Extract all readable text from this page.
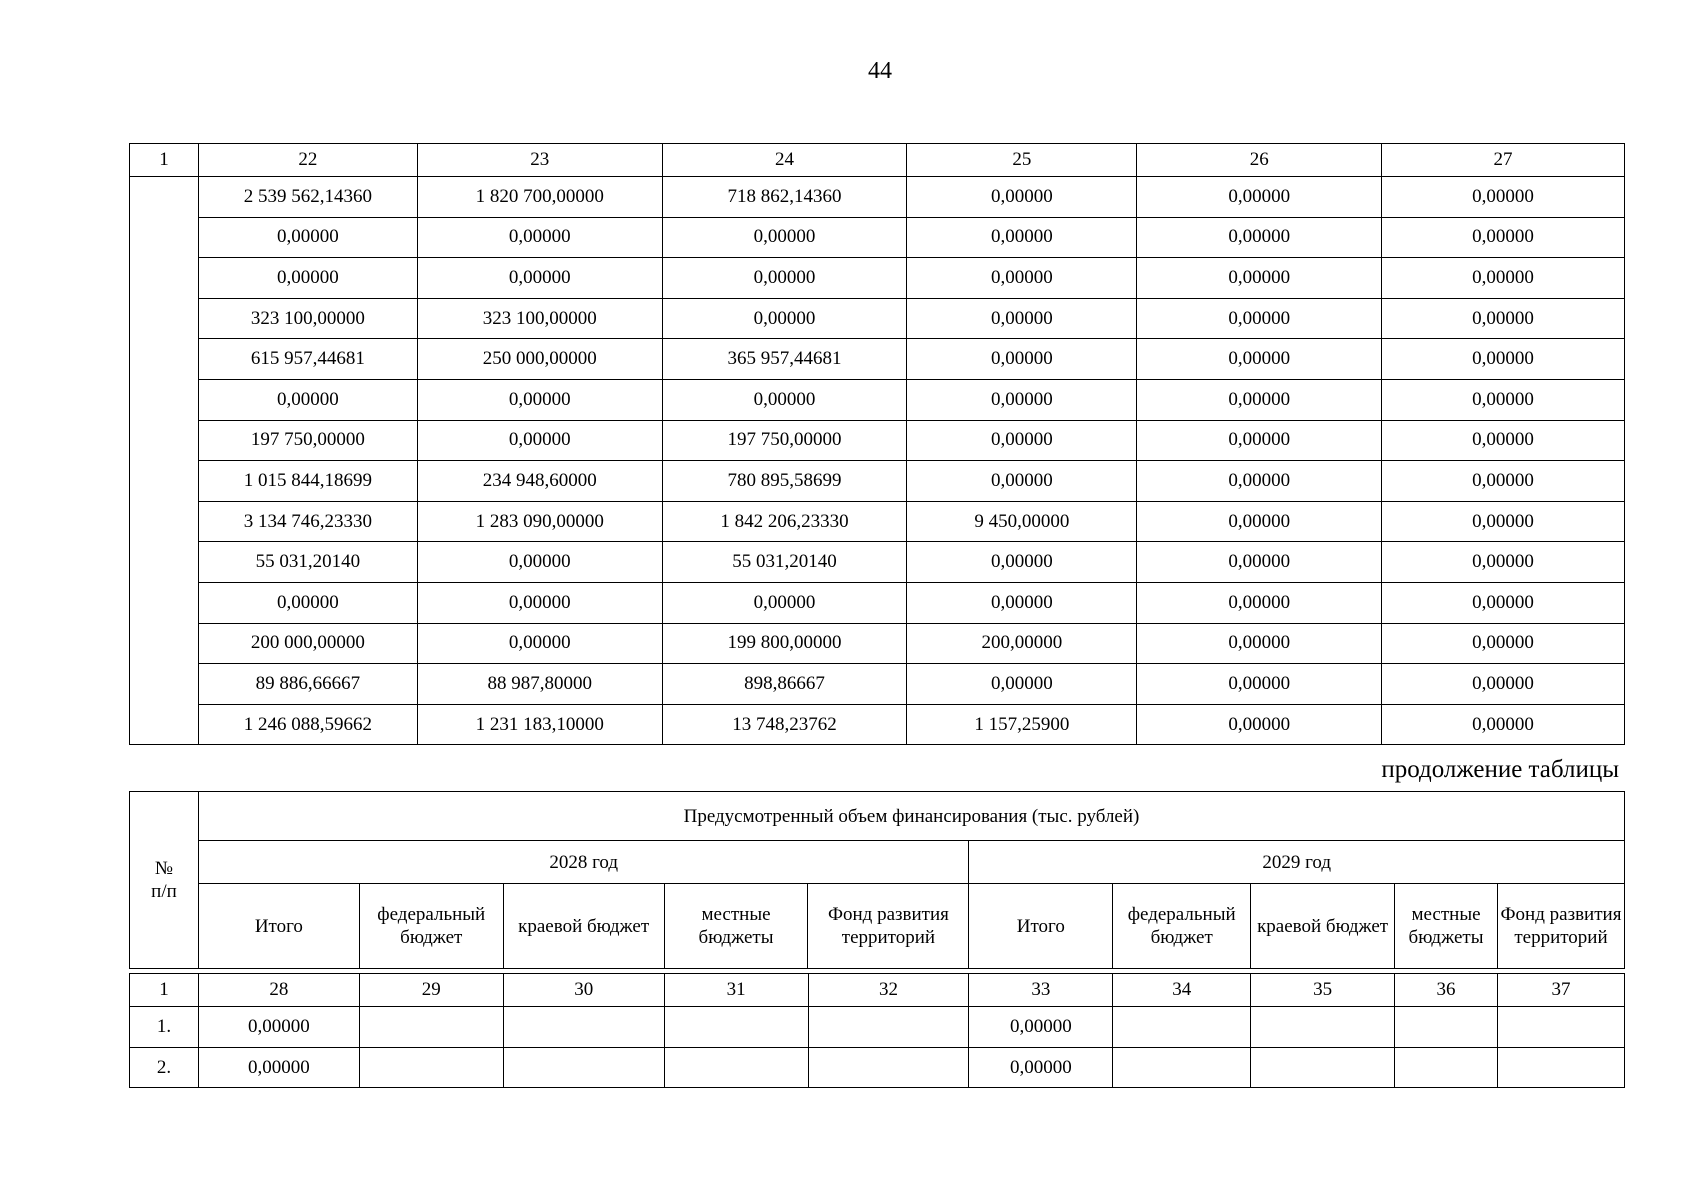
44
1	22	23	24	25	26	27
	2 539 562,14360	1 820 700,00000	718 862,14360	0,00000	0,00000	0,00000
	0,00000	0,00000	0,00000	0,00000	0,00000	0,00000
	0,00000	0,00000	0,00000	0,00000	0,00000	0,00000
	323 100,00000	323 100,00000	0,00000	0,00000	0,00000	0,00000
	615 957,44681	250 000,00000	365 957,44681	0,00000	0,00000	0,00000
	0,00000	0,00000	0,00000	0,00000	0,00000	0,00000
	197 750,00000	0,00000	197 750,00000	0,00000	0,00000	0,00000
	1 015 844,18699	234 948,60000	780 895,58699	0,00000	0,00000	0,00000
	3 134 746,23330	1 283 090,00000	1 842 206,23330	9 450,00000	0,00000	0,00000
	55 031,20140	0,00000	55 031,20140	0,00000	0,00000	0,00000
	0,00000	0,00000	0,00000	0,00000	0,00000	0,00000
	200 000,00000	0,00000	199 800,00000	200,00000	0,00000	0,00000
	89 886,66667	88 987,80000	898,86667	0,00000	0,00000	0,00000
	1 246 088,59662	1 231 183,10000	13 748,23762	1 157,25900	0,00000	0,00000
продолжение таблицы
№ п/п	Предусмотренный объем финансирования (тыс. рублей)									
	2028 год					2029 год				
	Итого	федеральный бюджет	краевой бюджет	местные бюджеты	Фонд развития территорий	Итого	федеральный бюджет	краевой бюджет	местные бюджеты	Фонд развития территорий
1	28	29	30	31	32	33	34	35	36	37
1.	0,00000					0,00000				
2.	0,00000					0,00000				
